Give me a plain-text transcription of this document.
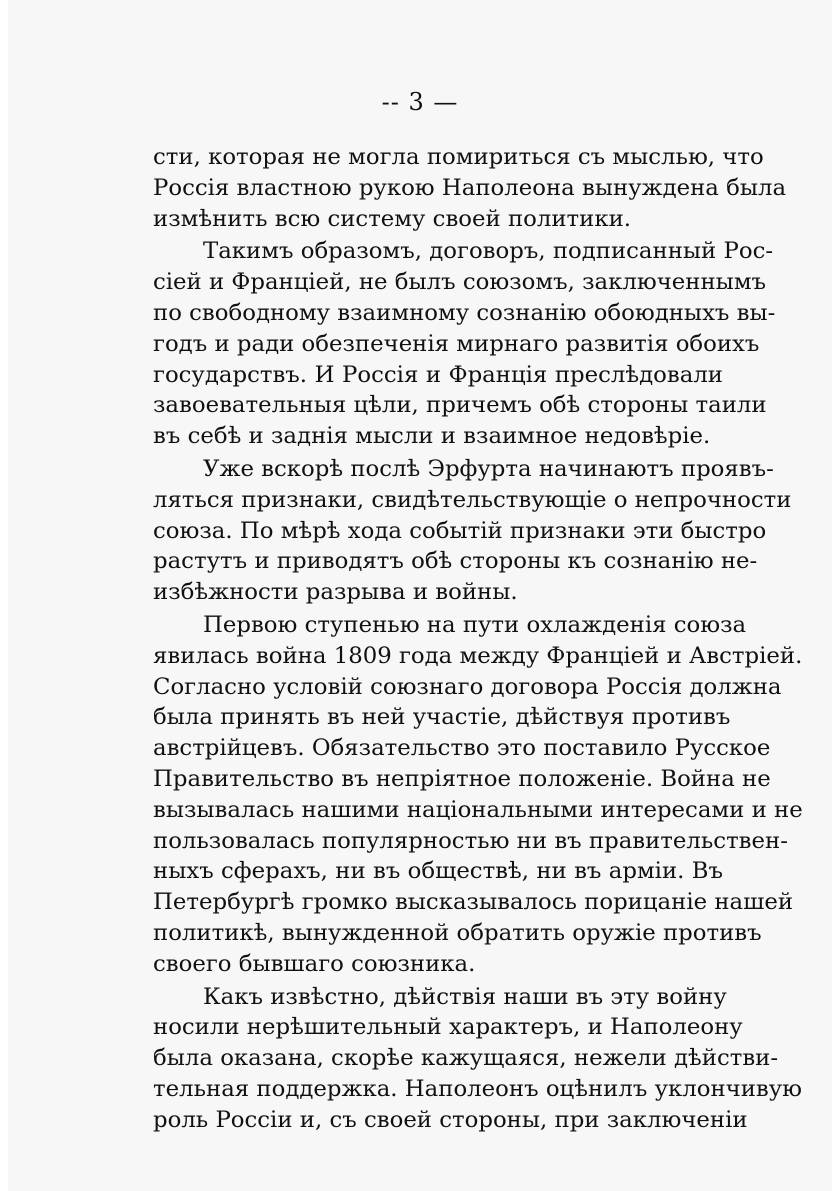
-- 3 —
сти, которая не могла помириться съ мыслью, что
Россія властною рукою Наполеона вынуждена была
измѣнить всю систему своей политики.
Такимъ образомъ, договоръ, подписанный Рос-
сіей и Франціей, не былъ союзомъ, заключеннымъ
по свободному взаимному сознанію обоюдныхъ вы-
годъ и ради обезпеченія мирнаго развитія обоихъ
государствъ. И Россія и Франція преслѣдовали
завоевательныя цѣли, причемъ обѣ стороны таили
въ себѣ и заднія мысли и взаимное недовѣріе.
Уже вскорѣ послѣ Эрфурта начинаютъ проявъ-
ляться признаки, свидѣтельствующіе о непрочности
союза. По мѣрѣ хода событій признаки эти быстро
растутъ и приводятъ обѣ стороны къ сознанію не-
избѣжности разрыва и войны.
Первою ступенью на пути охлажденія союза
явилась война 1809 года между Франціей и Австріей.
Согласно условій союзнаго договора Россія должна
была принять въ ней участіе, дѣйствуя противъ
австрійцевъ. Обязательство это поставило Русское
Правительство въ непріятное положеніе. Война не
вызывалась нашими національными интересами и не
пользовалась популярностью ни въ правительствен-
ныхъ сферахъ, ни въ обществѣ, ни въ арміи. Въ
Петербургѣ громко высказывалось порицаніе нашей
политикѣ, вынужденной обратить оружіе противъ
своего бывшаго союзника.
Какъ извѣстно, дѣйствія наши въ эту войну
носили нерѣшительный характеръ, и Наполеону
была оказана, скорѣе кажущаяся, нежели дѣйстви-
тельная поддержка. Наполеонъ оцѣнилъ уклончивую
роль Россіи и, съ своей стороны, при заключеніи
